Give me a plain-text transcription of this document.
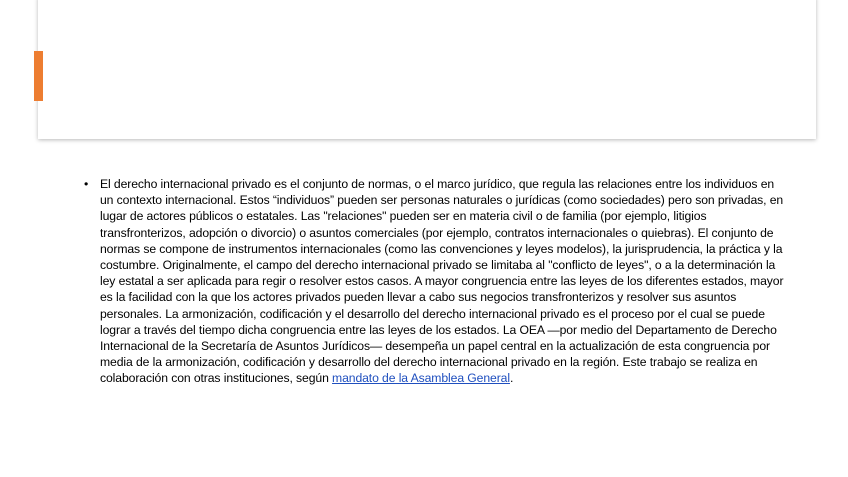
• El derecho internacional privado es el conjunto de normas, o el marco jurídico, que regula las relaciones entre los individuos en un contexto internacional. Estos “individuos” pueden ser personas naturales o jurídicas (como sociedades) pero son privadas, en lugar de actores públicos o estatales. Las "relaciones" pueden ser en materia civil o de familia (por ejemplo, litigios transfronterizos, adopción o divorcio) o asuntos comerciales (por ejemplo, contratos internacionales o quiebras). El conjunto de normas se compone de instrumentos internacionales (como las convenciones y leyes modelos), la jurisprudencia, la práctica y la costumbre. Originalmente, el campo del derecho internacional privado se limitaba al "conflicto de leyes", o a la determinación la ley estatal a ser aplicada para regir o resolver estos casos. A mayor congruencia entre las leyes de los diferentes estados, mayor es la facilidad con la que los actores privados pueden llevar a cabo sus negocios transfronterizos y resolver sus asuntos personales. La armonización, codificación y el desarrollo del derecho internacional privado es el proceso por el cual se puede lograr a través del tiempo dicha congruencia entre las leyes de los estados. La OEA —por medio del Departamento de Derecho Internacional de la Secretaría de Asuntos Jurídicos— desempeña un papel central en la actualización de esta congruencia por media de la armonización, codificación y desarrollo del derecho internacional privado en la región. Este trabajo se realiza en colaboración con otras instituciones, según mandato de la Asamblea General.
